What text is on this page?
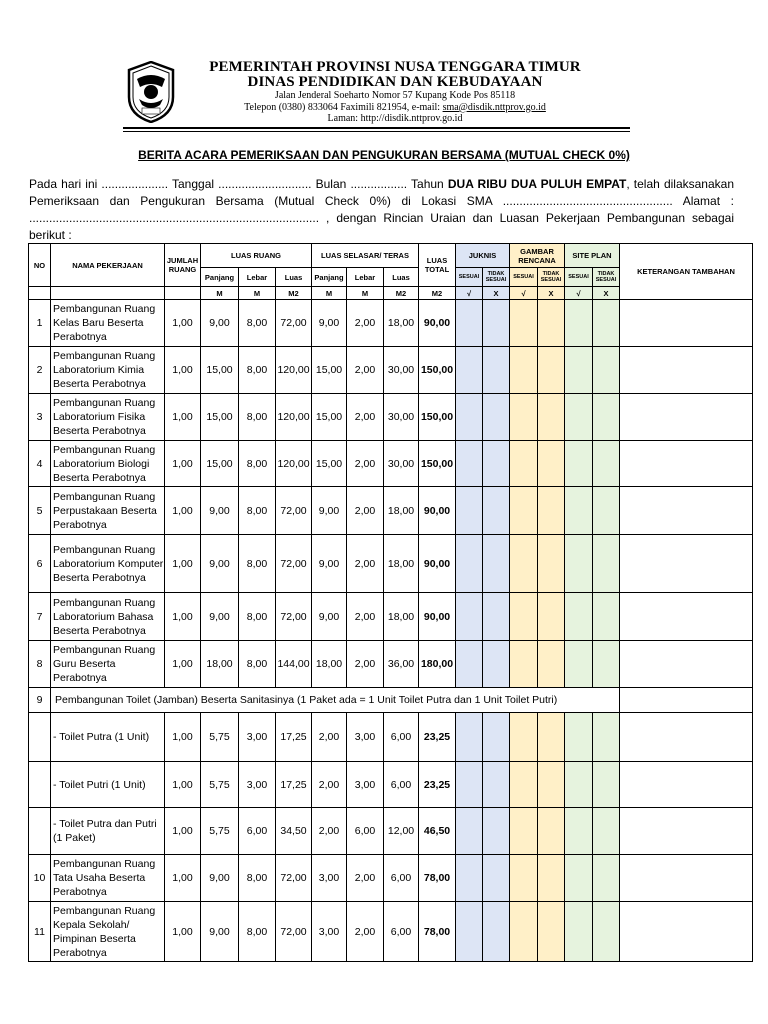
PEMERINTAH PROVINSI NUSA TENGGARA TIMUR
DINAS PENDIDIKAN DAN KEBUDAYAAN
Jalan Jenderal Soeharto Nomor 57 Kupang Kode Pos 85118
Telepon (0380) 833064 Faximili 821954, e-mail: sma@disdik.nttprov.go.id
Laman: http://disdik.nttprov.go.id
BERITA ACARA PEMERIKSAAN DAN PENGUKURAN BERSAMA (MUTUAL CHECK 0%)
Pada hari ini .................... Tanggal ............................ Bulan ................. Tahun DUA RIBU DUA PULUH EMPAT, telah dilaksanakan Pemeriksaan dan Pengukuran Bersama (Mutual Check 0%) di Lokasi SMA ................................................... Alamat : ....................................................................................... , dengan Rincian Uraian dan Luasan Pekerjaan Pembangunan sebagai berikut :
NO	NAMA PEKERJAAN	JUMLAH RUANG	LUAS RUANG			LUAS SELASAR/ TERAS			LUAS TOTAL	JUKNIS		GAMBAR RENCANA		SITE PLAN		KETERANGAN TAMBAHAN
			Panjang	Lebar	Luas	Panjang	Lebar	Luas		SESUAI	TIDAK SESUAI	SESUAI	TIDAK SESUAI	SESUAI	TIDAK SESUAI	
			M	M	M2	M	M	M2	M2	√	X	√	X	√	X	
1	Pembangunan Ruang Kelas Baru Beserta Perabotnya	1,00	9,00	8,00	72,00	9,00	2,00	18,00	90,00							
2	Pembangunan Ruang Laboratorium Kimia Beserta Perabotnya	1,00	15,00	8,00	120,00	15,00	2,00	30,00	150,00							
3	Pembangunan Ruang Laboratorium Fisika Beserta Perabotnya	1,00	15,00	8,00	120,00	15,00	2,00	30,00	150,00							
4	Pembangunan Ruang Laboratorium Biologi Beserta Perabotnya	1,00	15,00	8,00	120,00	15,00	2,00	30,00	150,00							
5	Pembangunan Ruang Perpustakaan Beserta Perabotnya	1,00	9,00	8,00	72,00	9,00	2,00	18,00	90,00							
6	Pembangunan Ruang Laboratorium Komputer Beserta Perabotnya	1,00	9,00	8,00	72,00	9,00	2,00	18,00	90,00							
7	Pembangunan Ruang Laboratorium Bahasa Beserta Perabotnya	1,00	9,00	8,00	72,00	9,00	2,00	18,00	90,00							
8	Pembangunan Ruang Guru Beserta Perabotnya	1,00	18,00	8,00	144,00	18,00	2,00	36,00	180,00							
9	Pembangunan Toilet (Jamban) Beserta Sanitasinya (1 Paket ada = 1 Unit Toilet Putra dan 1 Unit Toilet Putri)															
	- Toilet Putra (1 Unit)	1,00	5,75	3,00	17,25	2,00	3,00	6,00	23,25							
	- Toilet Putri (1 Unit)	1,00	5,75	3,00	17,25	2,00	3,00	6,00	23,25							
	- Toilet Putra dan Putri (1 Paket)	1,00	5,75	6,00	34,50	2,00	6,00	12,00	46,50							
10	Pembangunan Ruang Tata Usaha Beserta Perabotnya	1,00	9,00	8,00	72,00	3,00	2,00	6,00	78,00							
11	Pembangunan Ruang Kepala Sekolah/ Pimpinan Beserta Perabotnya	1,00	9,00	8,00	72,00	3,00	2,00	6,00	78,00							
